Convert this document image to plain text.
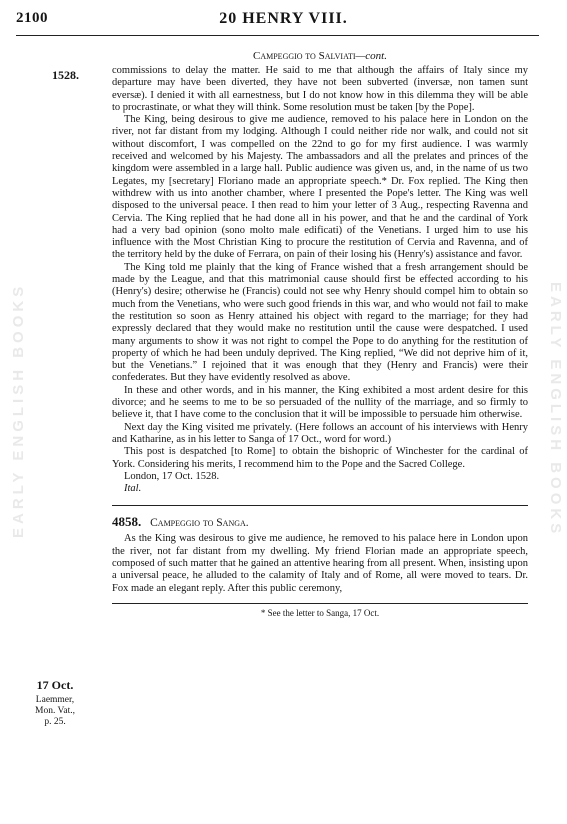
2100	20 HENRY VIII.
EARLY ENGLISH BOOKS	EARLY ENGLISH BOOKS
1528.
Campeggio to Salviati—cont.

commissions to delay the matter. He said to me that although the affairs of Italy since my departure may have been diverted, they have not been subverted (inversæ, non tamen sunt eversæ). I denied it with all earnestness, but I do not know how in this dilemma they will be able to procrastinate, or what they will think. Some resolution must be taken [by the Pope].

The King, being desirous to give me audience, removed to his palace here in London on the river, not far distant from my lodging. Although I could neither ride nor walk, and could not sit without discomfort, I was compelled on the 22nd to go for my first audience. I was warmly received and welcomed by his Majesty. The ambassadors and all the prelates and princes of the kingdom were assembled in a large hall. Public audience was given us, and, in the name of us two Legates, my [secretary] Floriano made an appropriate speech.* Dr. Fox replied. The King then withdrew with us into another chamber, where I presented the Pope's letter. The King was well disposed to the universal peace. I then read to him your letter of 3 Aug., respecting Ravenna and Cervia. The King replied that he had done all in his power, and that he and the cardinal of York had a very bad opinion (sono molto male edificati) of the Venetians. I urged him to use his influence with the Most Christian King to procure the restitution of Cervia and Ravenna, and of the territory held by the duke of Ferrara, on pain of their losing his (Henry's) assistance and favor.

The King told me plainly that the king of France wished that a fresh arrangement should be made by the League, and that this matrimonial cause should first be effected according to his (Henry's) desire; otherwise he (Francis) could not see why Henry should compel him to obtain so much from the Venetians, who were such good friends in this war, and who would not fail to make the restitution so soon as Henry attained his object with regard to the marriage; for they had expressly declared that they would make no restitution until the cause were despatched. I used many arguments to show it was not right to compel the Pope to do anything for the restitution of property of which he had been unduly deprived. The King replied, “We did not deprive him of it, but the Venetians.” I rejoined that it was enough that they (Henry and Francis) were their confederates. But they have evidently resolved as above.

In these and other words, and in his manner, the King exhibited a most ardent desire for this divorce; and he seems to me to be so persuaded of the nullity of the marriage, and so firmly to believe it, that I have come to the conclusion that it will be impossible to persuade him otherwise.

Next day the King visited me privately. (Here follows an account of his interviews with Henry and Katharine, as in his letter to Sanga of 17 Oct., word for word.)

This post is despatched [to Rome] to obtain the bishopric of Winchester for the cardinal of York. Considering his merits, I recommend him to the Pope and the Sacred College.

London, 17 Oct. 1528.
Ital.
4858. Campeggio to Sanga.

As the King was desirous to give me audience, he removed to his palace here in London upon the river, not far distant from my dwelling. My friend Florian made an appropriate speech, composed of such matter that he gained an attentive hearing from all present. When, insisting upon a universal peace, he alluded to the calamity of Italy and of Rome, all were moved to tears. Dr. Fox made an elegant reply. After this public ceremony,

* See the letter to Sanga, 17 Oct.
17 Oct.
Laemmer,
Mon. Vat.,
p. 25.
